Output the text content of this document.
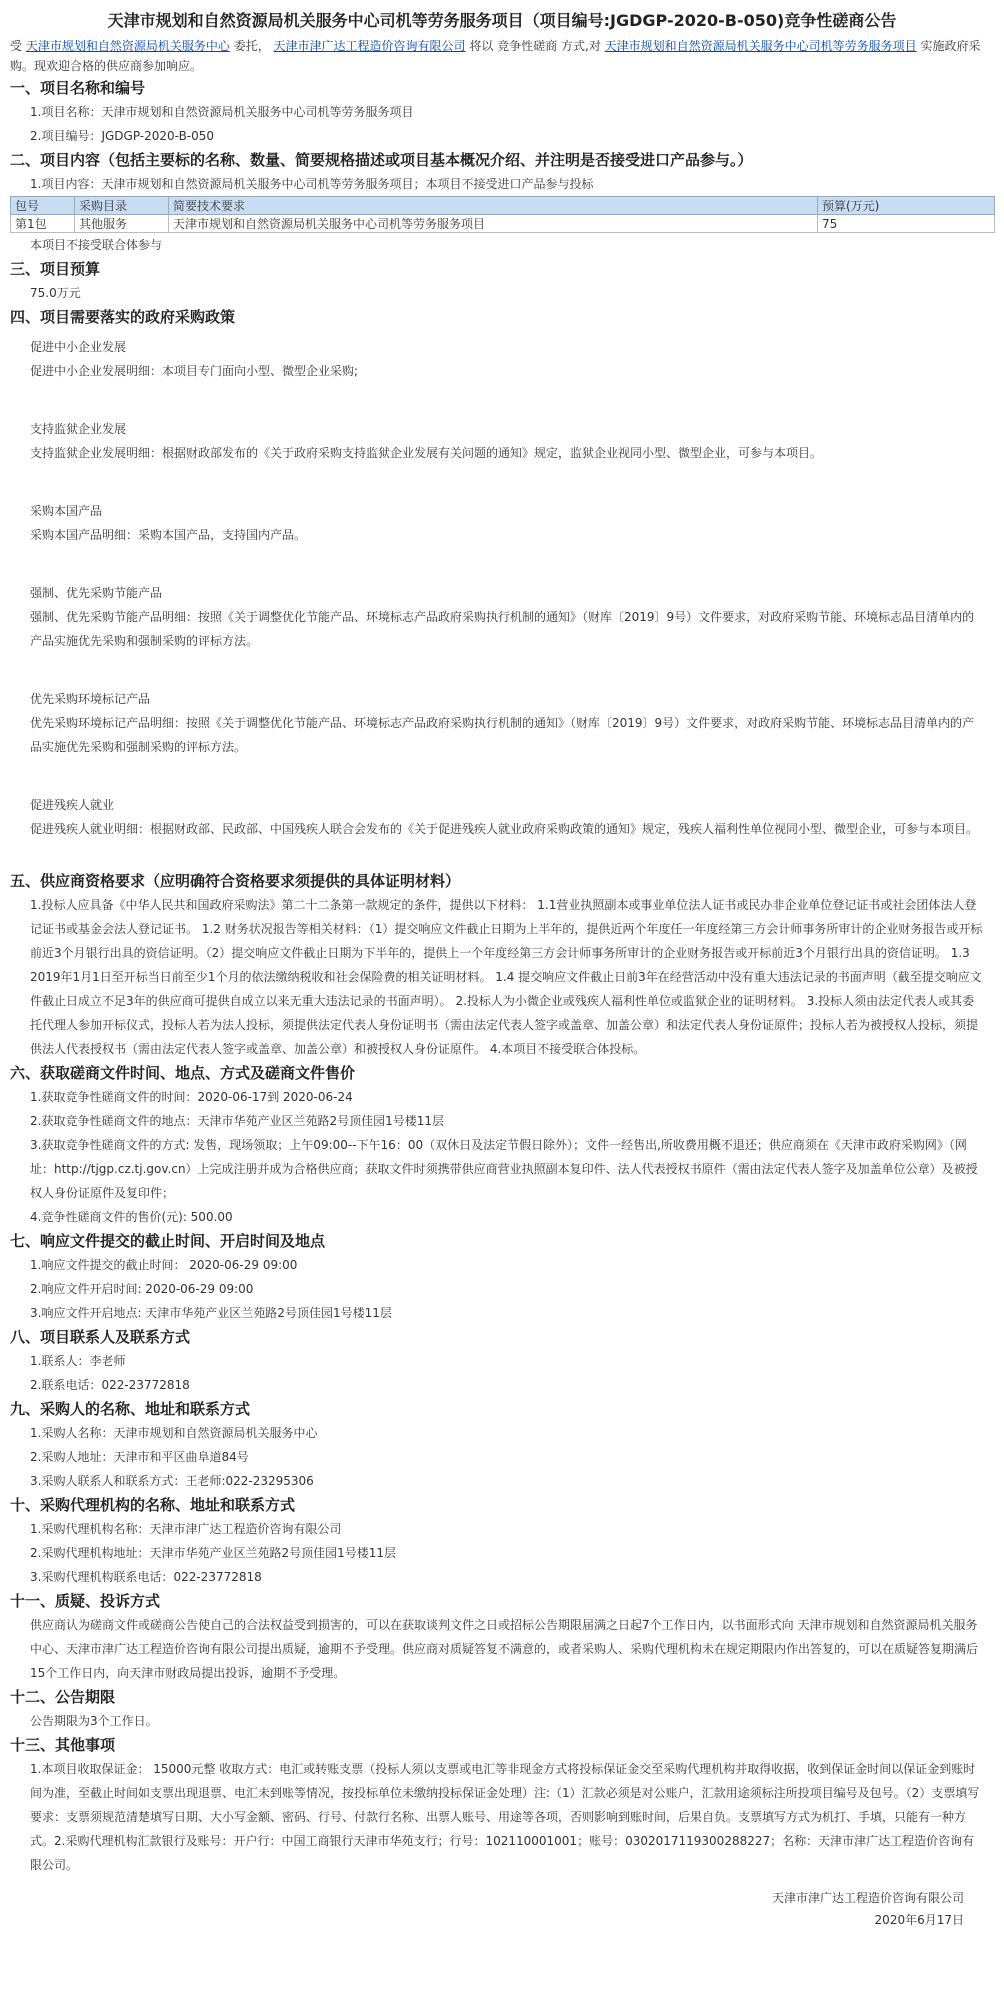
天津市规划和自然资源局机关服务中心司机等劳务服务项目（项目编号:JGDGP-2020-B-050)竞争性磋商公告
受 天津市规划和自然资源局机关服务中心 委托， 天津市津广达工程造价咨询有限公司 将以 竞争性磋商 方式,对 天津市规划和自然资源局机关服务中心司机等劳务服务项目 实施政府采购。现欢迎合格的供应商参加响应。
一、项目名称和编号
1.项目名称：天津市规划和自然资源局机关服务中心司机等劳务服务项目
2.项目编号：JGDGP-2020-B-050
二、项目内容（包括主要标的名称、数量、简要规格描述或项目基本概况介绍、并注明是否接受进口产品参与。）
1.项目内容：天津市规划和自然资源局机关服务中心司机等劳务服务项目；本项目不接受进口产品参与投标
包号	采购目录	简要技术要求	预算(万元)
第1包	其他服务	天津市规划和自然资源局机关服务中心司机等劳务服务项目	75
本项目不接受联合体参与
三、项目预算
75.0万元
四、项目需要落实的政府采购政策
促进中小企业发展
促进中小企业发展明细：本项目专门面向小型、微型企业采购;
支持监狱企业发展
支持监狱企业发展明细：根据财政部发布的《关于政府采购支持监狱企业发展有关问题的通知》规定，监狱企业视同小型、微型企业，可参与本项目。
采购本国产品
采购本国产品明细：采购本国产品，支持国内产品。
强制、优先采购节能产品
强制、优先采购节能产品明细：按照《关于调整优化节能产品、环境标志产品政府采购执行机制的通知》（财库〔2019〕9号）文件要求，对政府采购节能、环境标志品目清单内的产品实施优先采购和强制采购的评标方法。
优先采购环境标记产品
优先采购环境标记产品明细：按照《关于调整优化节能产品、环境标志产品政府采购执行机制的通知》（财库〔2019〕9号）文件要求，对政府采购节能、环境标志品目清单内的产品实施优先采购和强制采购的评标方法。
促进残疾人就业
促进残疾人就业明细：根据财政部、民政部、中国残疾人联合会发布的《关于促进残疾人就业政府采购政策的通知》规定，残疾人福利性单位视同小型、微型企业，可参与本项目。
五、供应商资格要求（应明确符合资格要求须提供的具体证明材料）
1.投标人应具备《中华人民共和国政府采购法》第二十二条第一款规定的条件，提供以下材料： 1.1营业执照副本或事业单位法人证书或民办非企业单位登记证书或社会团体法人登记证书或基金会法人登记证书。 1.2 财务状况报告等相关材料：（1）提交响应文件截止日期为上半年的，提供近两个年度任一年度经第三方会计师事务所审计的企业财务报告或开标前近3个月银行出具的资信证明。（2）提交响应文件截止日期为下半年的，提供上一个年度经第三方会计师事务所审计的企业财务报告或开标前近3个月银行出具的资信证明。 1.3 2019年1月1日至开标当日前至少1个月的依法缴纳税收和社会保险费的相关证明材料。 1.4 提交响应文件截止日前3年在经营活动中没有重大违法记录的书面声明（截至提交响应文件截止日成立不足3年的供应商可提供自成立以来无重大违法记录的书面声明）。 2.投标人为小微企业或残疾人福利性单位或监狱企业的证明材料。 3.投标人须由法定代表人或其委托代理人参加开标仪式，投标人若为法人投标，须提供法定代表人身份证明书（需由法定代表人签字或盖章、加盖公章）和法定代表人身份证原件；投标人若为被授权人投标，须提供法人代表授权书（需由法定代表人签字或盖章、加盖公章）和被授权人身份证原件。 4.本项目不接受联合体投标。
六、获取磋商文件时间、地点、方式及磋商文件售价
1.获取竞争性磋商文件的时间：2020-06-17到 2020-06-24
2.获取竞争性磋商文件的地点：天津市华苑产业区兰苑路2号顶佳园1号楼11层
3.获取竞争性磋商文件的方式: 发售，现场领取；上午09:00--下午16：00（双休日及法定节假日除外）；文件一经售出,所收费用概不退还；供应商须在《天津市政府采购网》（网址：http://tjgp.cz.tj.gov.cn）上完成注册并成为合格供应商；获取文件时须携带供应商营业执照副本复印件、法人代表授权书原件（需由法定代表人签字及加盖单位公章）及被授权人身份证原件及复印件；
4.竞争性磋商文件的售价(元): 500.00
七、响应文件提交的截止时间、开启时间及地点
1.响应文件提交的截止时间： 2020-06-29 09:00
2.响应文件开启时间: 2020-06-29 09:00
3.响应文件开启地点: 天津市华苑产业区兰苑路2号顶佳园1号楼11层
八、项目联系人及联系方式
1.联系人：李老师
2.联系电话：022-23772818
九、采购人的名称、地址和联系方式
1.采购人名称：天津市规划和自然资源局机关服务中心
2.采购人地址：天津市和平区曲阜道84号
3.采购人联系人和联系方式：王老师:022-23295306
十、采购代理机构的名称、地址和联系方式
1.采购代理机构名称：天津市津广达工程造价咨询有限公司
2.采购代理机构地址：天津市华苑产业区兰苑路2号顶佳园1号楼11层
3.采购代理机构联系电话：022-23772818
十一、质疑、投诉方式
供应商认为磋商文件或磋商公告使自己的合法权益受到损害的，可以在获取谈判文件之日或招标公告期限届满之日起7个工作日内，以书面形式向 天津市规划和自然资源局机关服务中心、天津市津广达工程造价咨询有限公司提出质疑，逾期不予受理。供应商对质疑答复不满意的，或者采购人、采购代理机构未在规定期限内作出答复的，可以在质疑答复期满后15个工作日内，向天津市财政局提出投诉，逾期不予受理。
十二、公告期限
公告期限为3个工作日。
十三、其他事项
1.本项目收取保证金： 15000元整 收取方式：电汇或转账支票（投标人须以支票或电汇等非现金方式将投标保证金交至采购代理机构并取得收据，收到保证金时间以保证金到账时间为准，至截止时间如支票出现退票、电汇未到账等情况，按投标单位未缴纳投标保证金处理）注:（1）汇款必须是对公账户，汇款用途须标注所投项目编号及包号。（2）支票填写要求：支票须规范清楚填写日期、大小写金额、密码、行号、付款行名称、出票人账号、用途等各项，否则影响到账时间，后果自负。支票填写方式为机打、手填，只能有一种方式。2.采购代理机构汇款银行及账号：开户行：中国工商银行天津市华苑支行；行号：102110001001；账号：0302017119300288227；名称：天津市津广达工程造价咨询有限公司。
天津市津广达工程造价咨询有限公司
2020年6月17日
